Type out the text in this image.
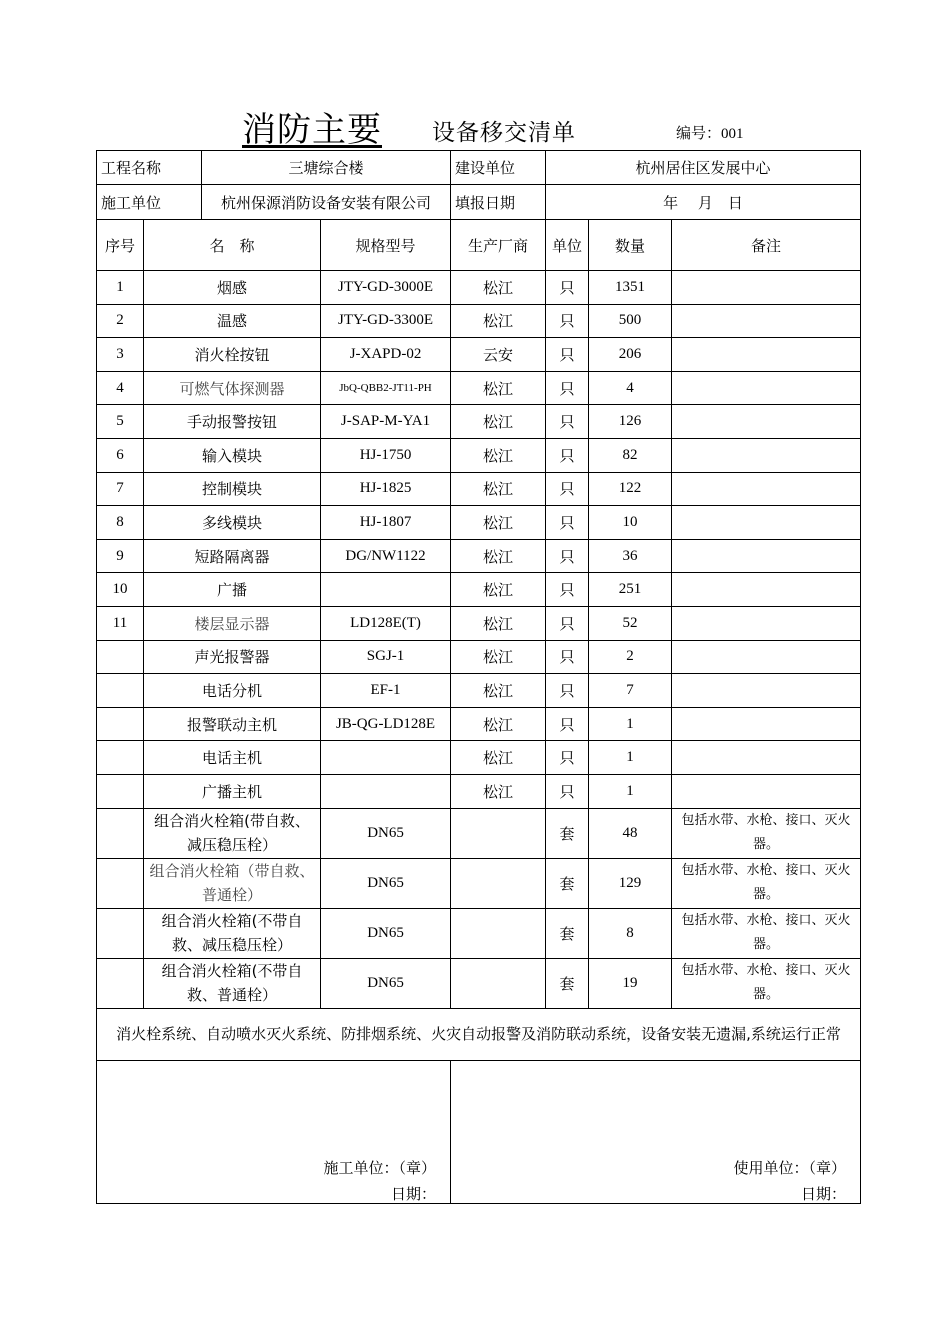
消防主要 设备移交清单	编号：001
工程名称		三塘综合楼		建设单位	杭州居住区发展中心		
施工单位		杭州保源消防设备安装有限公司		填报日期	年　 月　日		
序号	名　称		规格型号	生产厂商	单位	数量	备注
1	烟感		JTY-GD-3000E	松江	只	1351	
2	温感		JTY-GD-3300E	松江	只	500	
3	消火栓按钮		J-XAPD-02	云安	只	206	
4	可燃气体探测器		JbQ-QBB2-JT11-PH	松江	只	4	
5	手动报警按钮		J-SAP-M-YA1	松江	只	126	
6	输入模块		HJ-1750	松江	只	82	
7	控制模块		HJ-1825	松江	只	122	
8	多线模块		HJ-1807	松江	只	10	
9	短路隔离器		DG/NW1122	松江	只	36	
10	广播			松江	只	251	
11	楼层显示器		LD128E(T)	松江	只	52	
	声光报警器		SGJ-1	松江	只	2	
	电话分机		EF-1	松江	只	7	
	报警联动主机		JB-QG-LD128E	松江	只	1	
	电话主机			松江	只	1	
	广播主机			松江	只	1	
	组合消火栓箱(带自救、减压稳压栓）		DN65		套	48	包括水带、水枪、接口、灭火器。
	组合消火栓箱（带自救、普通栓）		DN65		套	129	包括水带、水枪、接口、灭火器。
	组合消火栓箱(不带自救、减压稳压栓）		DN65		套	8	包括水带、水枪、接口、灭火器。
	组合消火栓箱(不带自救、普通栓）		DN65		套	19	包括水带、水枪、接口、灭火器。
消火栓系统、自动喷水灭火系统、防排烟系统、火灾自动报警及消防联动系统，设备安装无遗漏,系统运行正常							

施工单位：（章）
日期：				使用单位：（章）
日期：			
